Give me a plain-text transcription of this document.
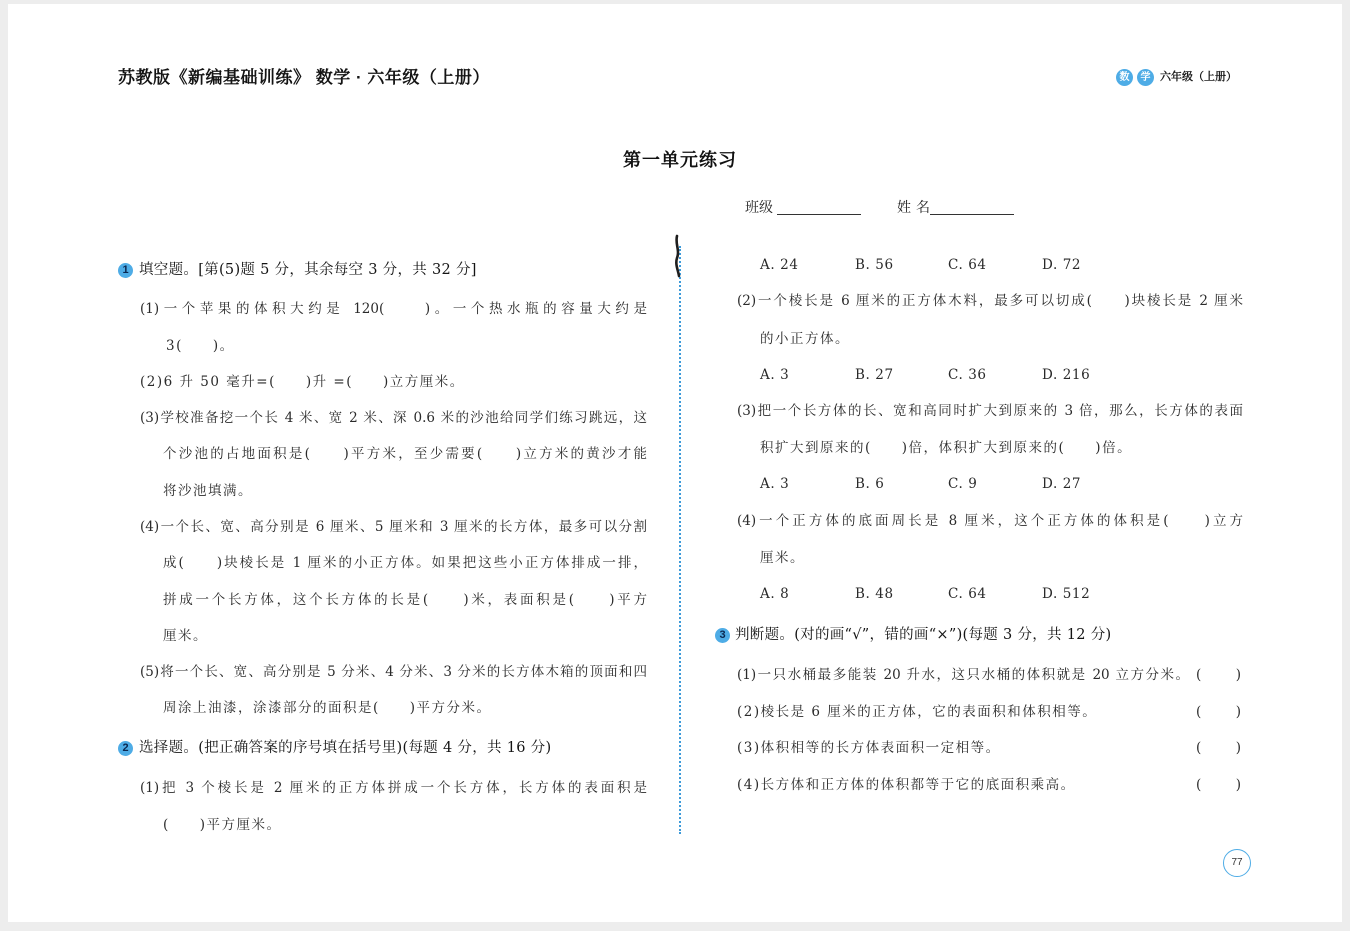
苏教版《新编基础训练》 数学 · 六年级（上册）	数	学 六年级（上册）
第一单元练习
班级	姓名
1 填空题。[第(5)题 5 分，其余每空 3 分，共 32 分]
(1)一个苹果的体积大约是 120(　　)。一个热水瓶的容量大约是
3(　　)。
(2)6 升 50 毫升=(　　)升 =(　　)立方厘米。
(3)学校准备挖一个长 4 米、宽 2 米、深 0.6 米的沙池给同学们练习跳远，这
个沙池的占地面积是(　　)平方米，至少需要(　　)立方米的黄沙才能
将沙池填满。
(4)一个长、宽、高分别是 6 厘米、5 厘米和 3 厘米的长方体，最多可以分割
成(　　)块棱长是 1 厘米的小正方体。如果把这些小正方体排成一排，
拼成一个长方体，这个长方体的长是(　　)米，表面积是(　　)平方
厘米。
(5)将一个长、宽、高分别是 5 分米、4 分米、3 分米的长方体木箱的顶面和四
周涂上油漆，涂漆部分的面积是(　　)平方分米。
2 选择题。(把正确答案的序号填在括号里)(每题 4 分，共 16 分)
(1)把 3 个棱长是 2 厘米的正方体拼成一个长方体，长方体的表面积是
(　　)平方厘米。
A. 24	B. 56	C. 64	D. 72
(2)一个棱长是 6 厘米的正方体木料，最多可以切成(　　)块棱长是 2 厘米
的小正方体。
A. 3	B. 27	C. 36	D. 216
(3)把一个长方体的长、宽和高同时扩大到原来的 3 倍，那么，长方体的表面
积扩大到原来的(　　)倍，体积扩大到原来的(　　)倍。
A. 3	B. 6	C. 9	D. 27
(4)一个正方体的底面周长是 8 厘米，这个正方体的体积是(　　)立方
厘米。
A. 8	B. 48	C. 64	D. 512
3 判断题。(对的画“√”，错的画“×”)(每题 3 分，共 12 分)
(1)一只水桶最多能装 20 升水，这只水桶的体积就是 20 立方分米。 (　　)
(2)棱长是 6 厘米的正方体，它的表面积和体积相等。	(　　)
(3)体积相等的长方体表面积一定相等。	(　　)
(4)长方体和正方体的体积都等于它的底面积乘高。	(　　)
77
